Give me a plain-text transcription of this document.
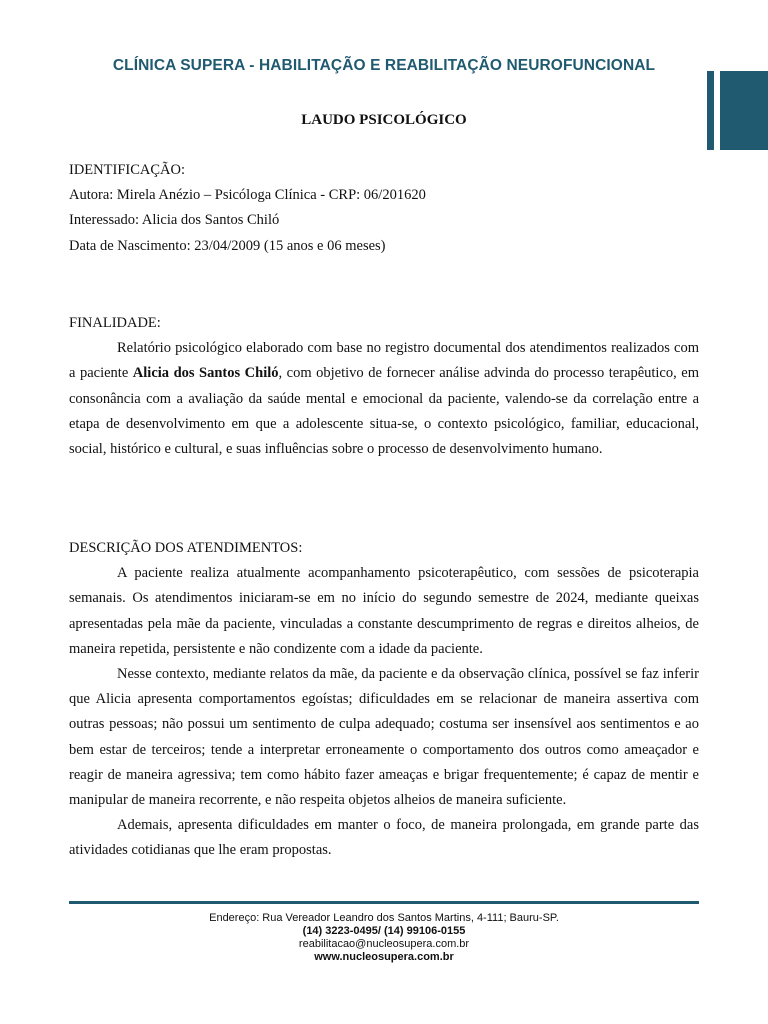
CLÍNICA SUPERA - HABILITAÇÃO E REABILITAÇÃO NEUROFUNCIONAL
LAUDO PSICOLÓGICO

IDENTIFICAÇÃO:

Autora: Mirela Anézio – Psicóloga Clínica - CRP: 06/201620

Interessado: Alicia dos Santos Chiló

Data de Nascimento: 23/04/2009 (15 anos e 06 meses)

FINALIDADE:

Relatório psicológico elaborado com base no registro documental dos atendimentos realizados com a paciente Alicia dos Santos Chiló, com objetivo de fornecer análise advinda do processo terapêutico, em consonância com a avaliação da saúde mental e emocional da paciente, valendo-se da correlação entre a etapa de desenvolvimento em que a adolescente situa-se, o contexto psicológico, familiar, educacional, social, histórico e cultural, e suas influências sobre o processo de desenvolvimento humano.

DESCRIÇÃO DOS ATENDIMENTOS:

A paciente realiza atualmente acompanhamento psicoterapêutico, com sessões de psicoterapia semanais. Os atendimentos iniciaram-se em no início do segundo semestre de 2024, mediante queixas apresentadas pela mãe da paciente, vinculadas a constante descumprimento de regras e direitos alheios, de maneira repetida, persistente e não condizente com a idade da paciente.

Nesse contexto, mediante relatos da mãe, da paciente e da observação clínica, possível se faz inferir que Alicia apresenta comportamentos egoístas; dificuldades em se relacionar de maneira assertiva com outras pessoas; não possui um sentimento de culpa adequado; costuma ser insensível aos sentimentos e ao bem estar de terceiros; tende a interpretar erroneamente o comportamento dos outros como ameaçador e reagir de maneira agressiva; tem como hábito fazer ameaças e brigar frequentemente; é capaz de mentir e manipular de maneira recorrente, e não respeita objetos alheios de maneira suficiente.

Ademais, apresenta dificuldades em manter o foco, de maneira prolongada, em grande parte das atividades cotidianas que lhe eram propostas.

Endereço: Rua Vereador Leandro dos Santos Martins, 4-111; Bauru-SP.
(14) 3223-0495/ (14) 99106-0155
reabilitacao@nucleosupera.com.br
www.nucleosupera.com.br
